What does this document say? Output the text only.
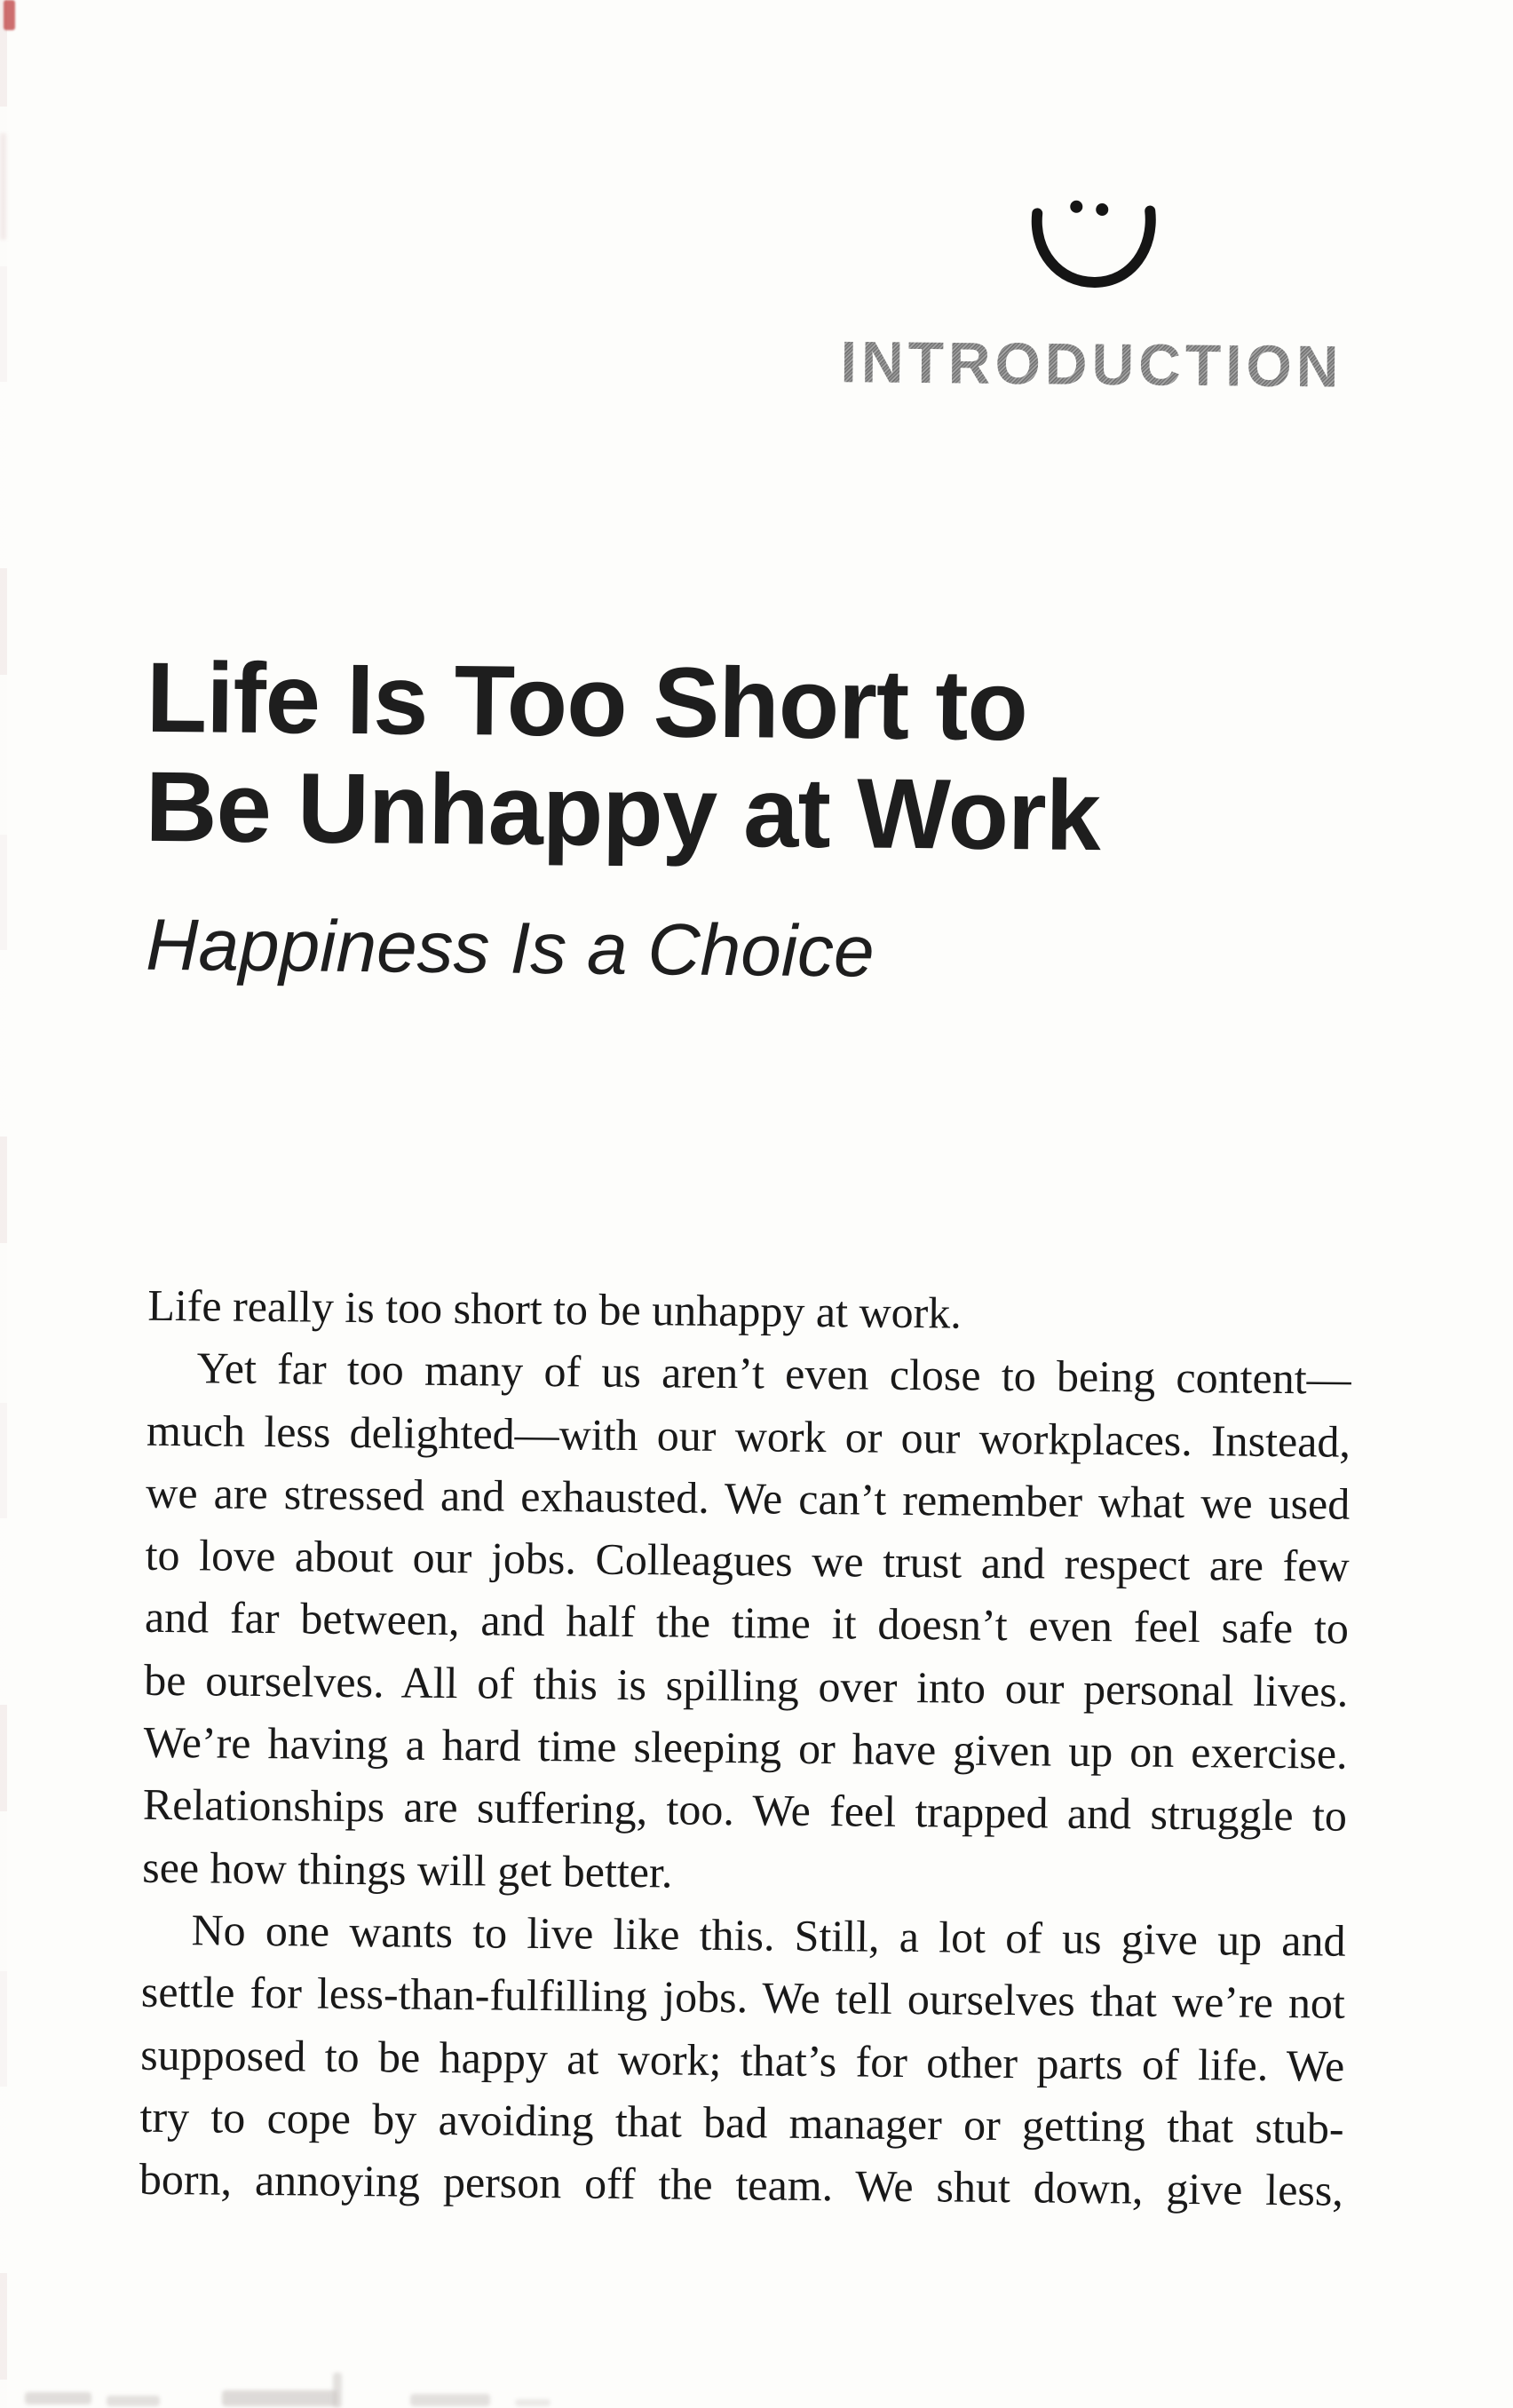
INTRODUCTION
Life Is Too Short to
Be Unhappy at Work
Happiness Is a Choice
Life really is too short to be unhappy at work.
Yet far too many of us aren’t even close to being content—
much less delighted—with our work or our workplaces. Instead,
we are stressed and exhausted. We can’t remember what we used
to love about our jobs. Colleagues we trust and respect are few
and far between, and half the time it doesn’t even feel safe to
be ourselves. All of this is spilling over into our personal lives.
We’re having a hard time sleeping or have given up on exercise.
Relationships are suffering, too. We feel trapped and struggle to
see how things will get better.
No one wants to live like this. Still, a lot of us give up and
settle for less-than-fulfilling jobs. We tell ourselves that we’re not
supposed to be happy at work; that’s for other parts of life. We
try to cope by avoiding that bad manager or getting that stub-
born, annoying person off the team. We shut down, give less,
